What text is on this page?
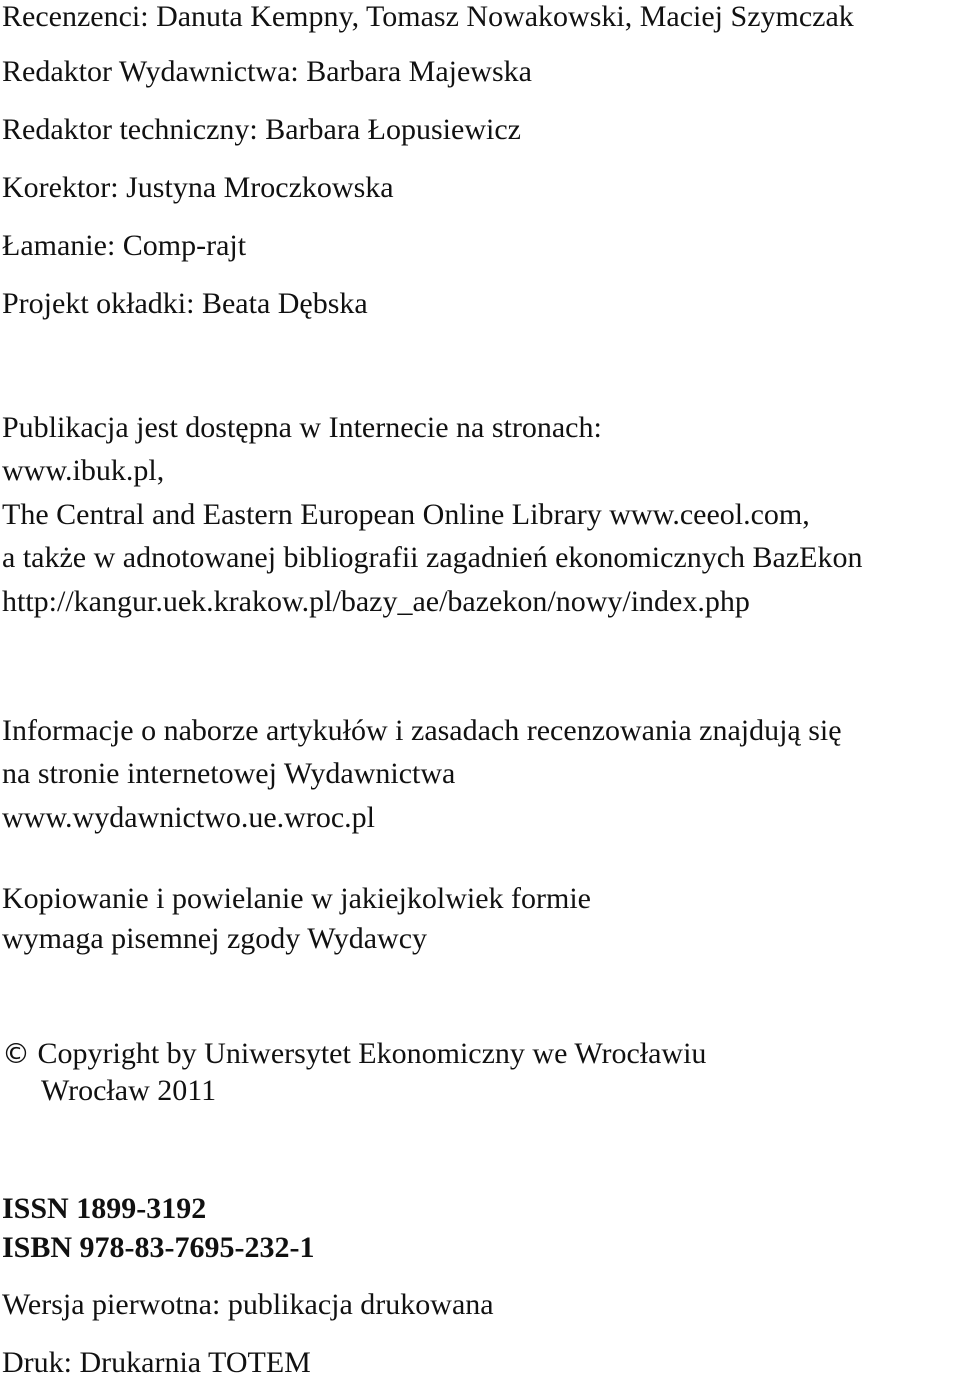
Recenzenci: Danuta Kempny, Tomasz Nowakowski, Maciej Szymczak
Redaktor Wydawnictwa: Barbara Majewska
Redaktor techniczny: Barbara Łopusiewicz
Korektor: Justyna Mroczkowska
Łamanie: Comp-rajt
Projekt okładki: Beata Dębska
Publikacja jest dostępna w Internecie na stronach:
www.ibuk.pl,
The Central and Eastern European Online Library www.ceeol.com,
a także w adnotowanej bibliografii zagadnień ekonomicznych BazEkon
http://kangur.uek.krakow.pl/bazy_ae/bazekon/nowy/index.php
Informacje o naborze artykułów i zasadach recenzowania znajdują się
na stronie internetowej Wydawnictwa
www.wydawnictwo.ue.wroc.pl
Kopiowanie i powielanie w jakiejkolwiek formie
wymaga pisemnej zgody Wydawcy
© Copyright by Uniwersytet Ekonomiczny we Wrocławiu
Wrocław 2011
ISSN 1899-3192
ISBN 978-83-7695-232-1
Wersja pierwotna: publikacja drukowana
Druk: Drukarnia TOTEM
